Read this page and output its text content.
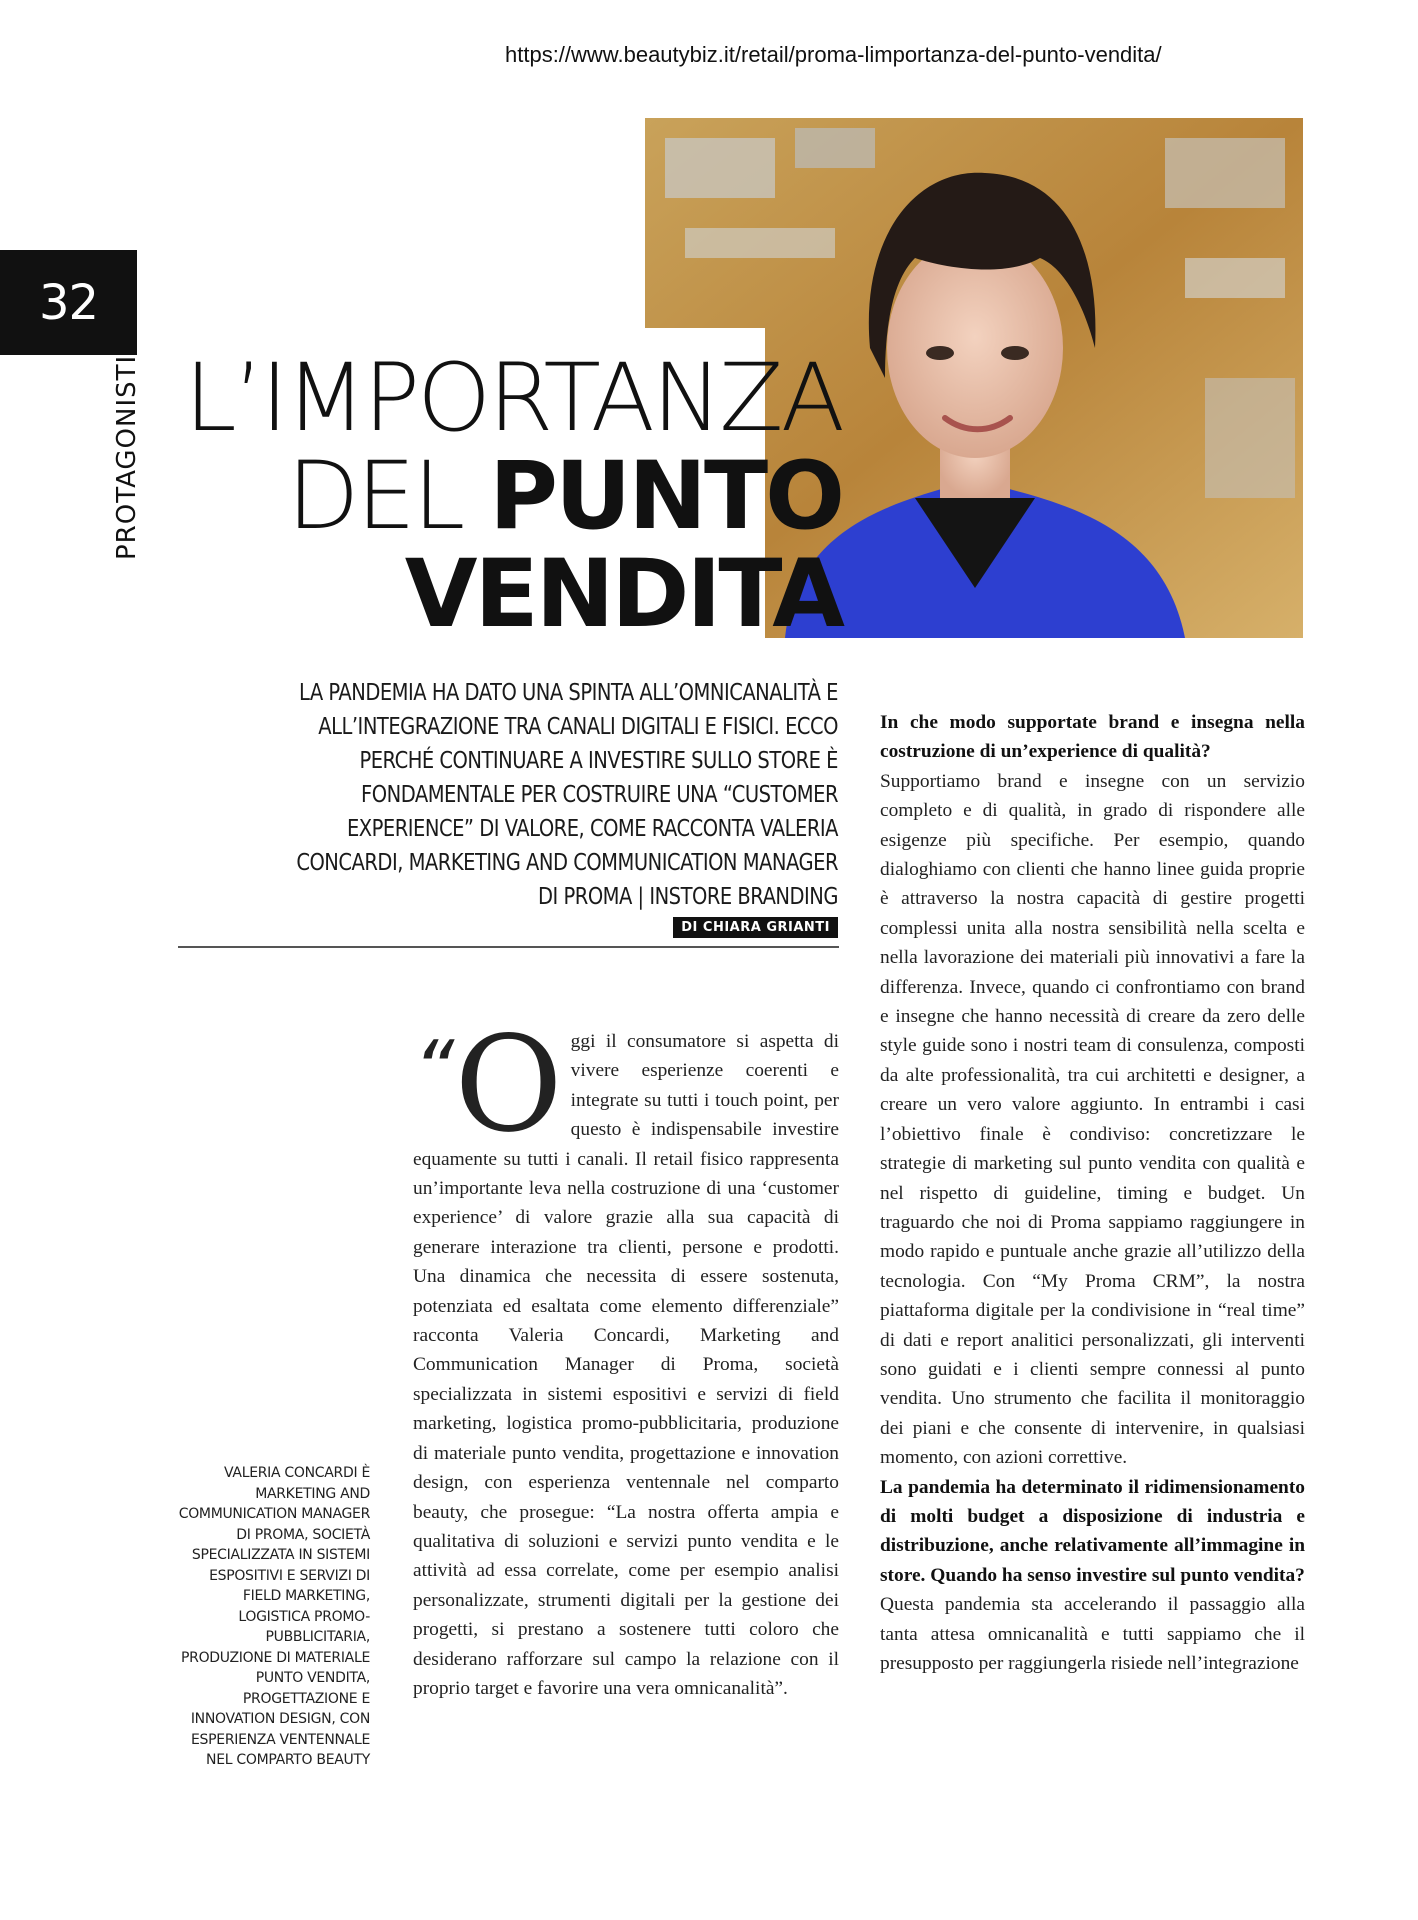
https://www.beautybiz.it/retail/proma-limportanza-del-punto-vendita/
32
PROTAGONISTI L’IMPORTANZA
DEL PUNTO
VENDITA
LA PANDEMIA HA DATO UNA SPINTA ALL’OMNICANALITÀ E ALL’INTEGRAZIONE TRA CANALI DIGITALI E FISICI. ECCO PERCHÉ CONTINUARE A INVESTIRE SULLO STORE È FONDAMENTALE PER COSTRUIRE UNA “CUSTOMER EXPERIENCE” DI VALORE, COME RACCONTA VALERIA CONCARDI, MARKETING AND COMMUNICATION MANAGER DI PROMA | INSTORE BRANDING
DI CHIARA GRIANTI
VALERIA CONCARDI È MARKETING AND COMMUNICATION MANAGER DI PROMA, SOCIETÀ SPECIALIZZATA IN SISTEMI ESPOSITIVI E SERVIZI DI FIELD MARKETING, LOGISTICA PROMO-PUBBLICITARIA, PRODUZIONE DI MATERIALE PUNTO VENDITA, PROGETTAZIONE E INNOVATION DESIGN, CON ESPERIENZA VENTENNALE NEL COMPARTO BEAUTY
“O ggi il consumatore si aspetta di vivere esperienze coerenti e integrate su tutti i touch point, per questo è indispensabile investire equamente su tutti i canali. Il retail fisico rappresenta un’importante leva nella costruzione di una ‘customer experience’ di valore grazie alla sua capacità di generare interazione tra clienti, persone e prodotti. Una dinamica che necessita di essere sostenuta, potenziata ed esaltata come elemento differenziale” racconta Valeria Concardi, Marketing and Communication Manager di Proma, società specializzata in sistemi espositivi e servizi di field marketing, logistica promo-pubblicitaria, produzione di materiale punto vendita, progettazione e innovation design, con esperienza ventennale nel comparto beauty, che prosegue: “La nostra offerta ampia e qualitativa di soluzioni e servizi punto vendita e le attività ad essa correlate, come per esempio analisi personalizzate, strumenti digitali per la gestione dei progetti, si prestano a sostenere tutti coloro che desiderano rafforzare sul campo la relazione con il proprio target e favorire una vera omnicanalità”.
In che modo supportate brand e insegna nella costruzione di un’experience di qualità?
Supportiamo brand e insegne con un servizio completo e di qualità, in grado di rispondere alle esigenze più specifiche. Per esempio, quando dialoghiamo con clienti che hanno linee guida proprie è attraverso la nostra capacità di gestire progetti complessi unita alla nostra sensibilità nella scelta e nella lavorazione dei materiali più innovativi a fare la differenza. Invece, quando ci confrontiamo con brand e insegne che hanno necessità di creare da zero delle style guide sono i nostri team di consulenza, composti da alte professionalità, tra cui architetti e designer, a creare un vero valore aggiunto. In entrambi i casi l’obiettivo finale è condiviso: concretizzare le strategie di marketing sul punto vendita con qualità e nel rispetto di guideline, timing e budget. Un traguardo che noi di Proma sappiamo raggiungere in modo rapido e puntuale anche grazie all’utilizzo della tecnologia. Con “My Proma CRM”, la nostra piattaforma digitale per la condivisione in “real time” di dati e report analitici personalizzati, gli interventi sono guidati e i clienti sempre connessi al punto vendita. Uno strumento che facilita il monitoraggio dei piani e che consente di intervenire, in qualsiasi momento, con azioni correttive.
La pandemia ha determinato il ridimensionamento di molti budget a disposizione di industria e distribuzione, anche relativamente all’immagine in store. Quando ha senso investire sul punto vendita?
Questa pandemia sta accelerando il passaggio alla tanta attesa omnicanalità e tutti sappiamo che il presupposto per raggiungerla risiede nell’integrazione
